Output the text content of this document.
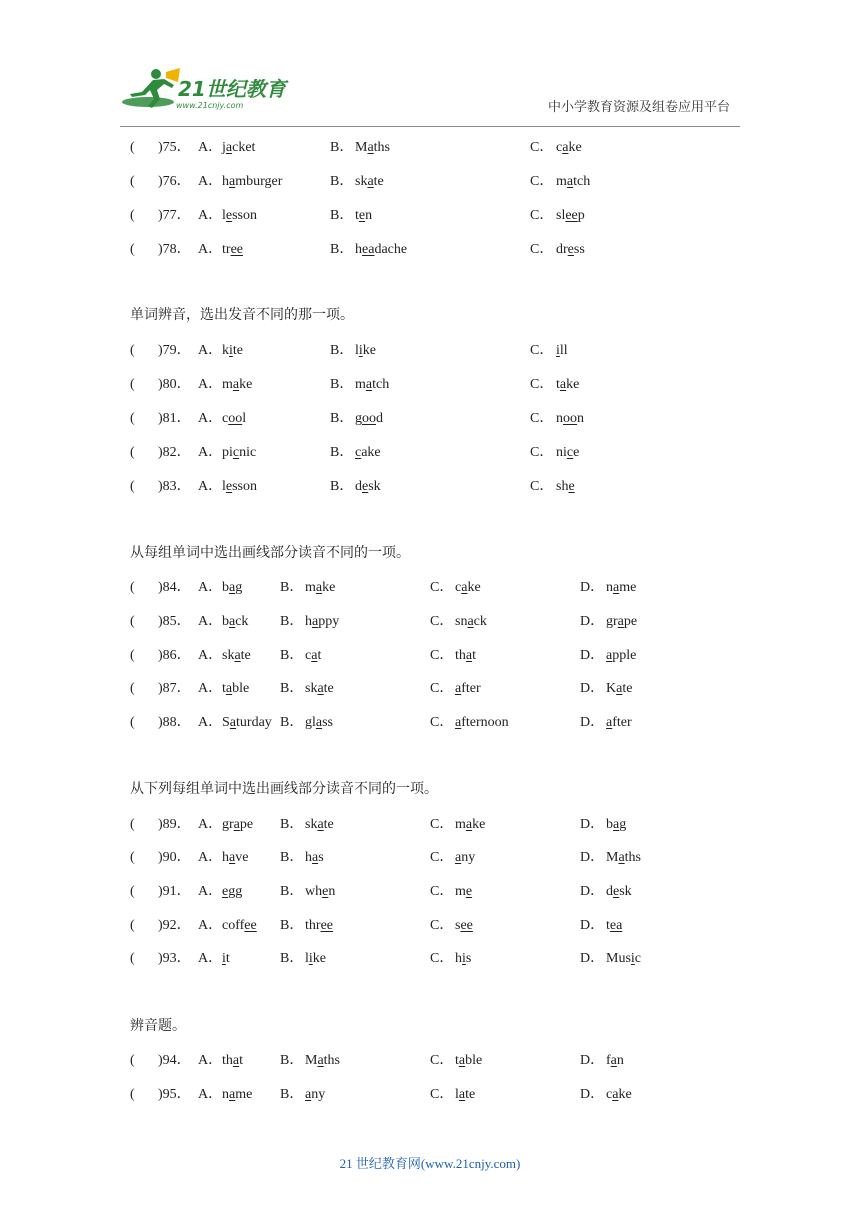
21世纪教育
www.21cnjy.com	中小学教育资源及组卷应用平台
( )75． A． jacket	B． Maths	C． cake
( )76． A． hamburger	B． skate	C． match
( )77． A． lesson	B． ten	C． sleep
( )78． A． tree	B． headache	C． dress
单词辨音，选出发音不同的那一项。
( )79． A． kite	B． like	C． ill
( )80． A． make	B． match	C． take
( )81． A． cool	B． good	C． noon
( )82． A． picnic	B． cake	C． nice
( )83． A． lesson	B． desk	C． she
从每组单词中选出画线部分读音不同的一项。
( )84． A． bag	B． make	C． cake	D． name
( )85． A． back B． happy	C． snack	D． grape
( )86． A． skate B． cat	C． that	D． apple
( )87． A． table B． skate	C． after	D． Kate
( )88． A． Saturday B． glass	C． afternoon	D． after
从下列每组单词中选出画线部分读音不同的一项。
( )89． A． grape B． skate	C． make	D． bag
( )90． A． have B． has	C． any	D． Maths
( )91． A． egg	B． when	C． me	D． desk
( )92． A． coffee B． three	C． see	D． tea
( )93． A． it	B． like	C． his	D． Music
辨音题。
( )94． A． that	B． Maths	C． table	D． fan
( )95． A． name B． any	C． late	D． cake
21 世纪教育网(www.21cnjy.com)
